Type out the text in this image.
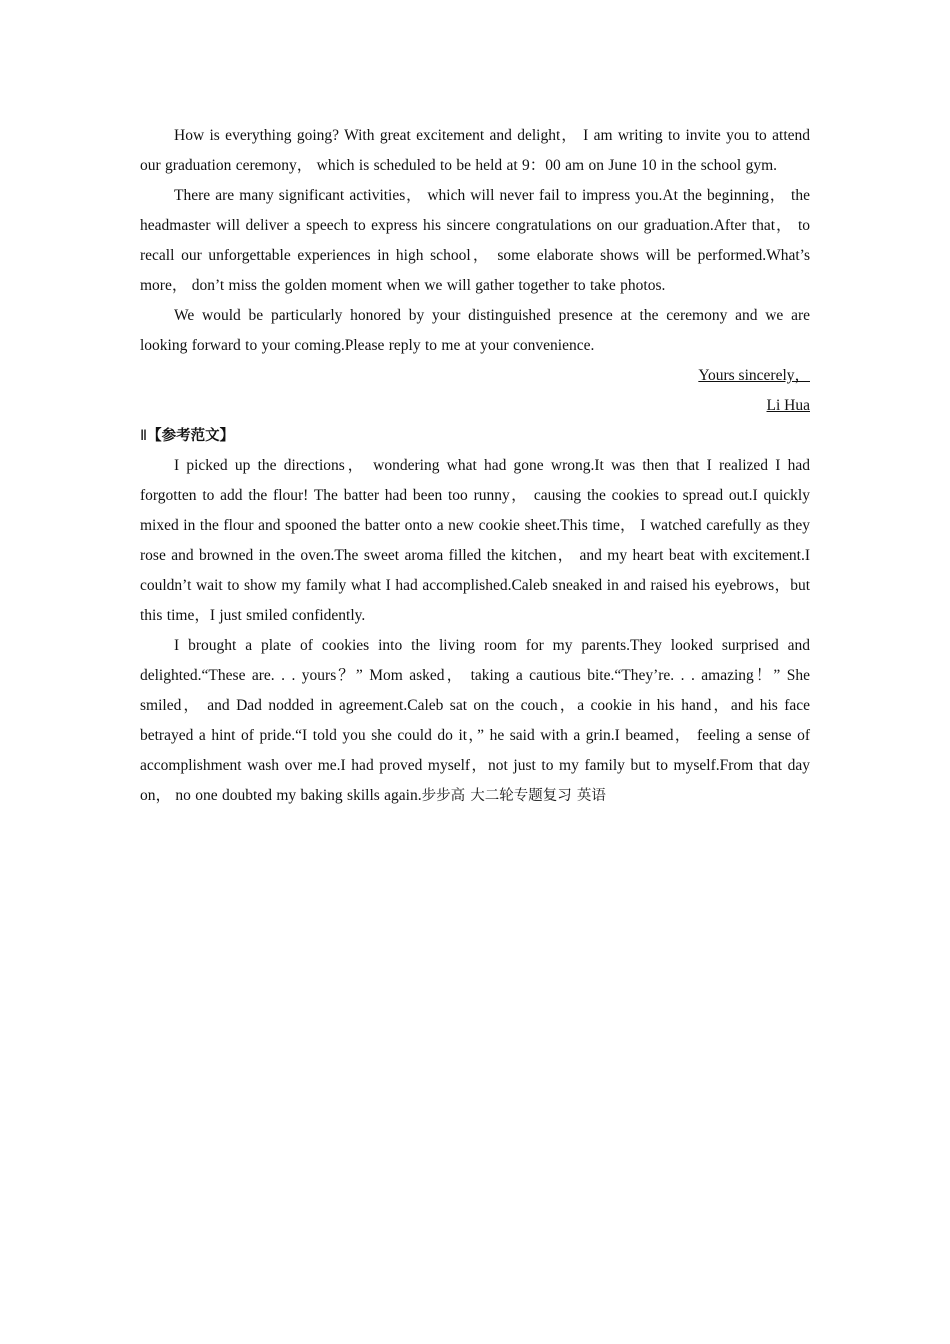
How is everything going? With great excitement and delight， I am writing to invite you to attend our graduation ceremony， which is scheduled to be held at 9：00 am on June 10 in the school gym.

There are many significant activities， which will never fail to impress you.At the beginning， the headmaster will deliver a speech to express his sincere congratulations on our graduation.After that， to recall our unforgettable experiences in high school， some elaborate shows will be performed.What’s more， don’t miss the golden moment when we will gather together to take photos.

We would be particularly honored by your distinguished presence at the ceremony and we are looking forward to your coming.Please reply to me at your convenience.

Yours sincerely，

Li Hua

Ⅱ【参考范文】

I picked up the directions， wondering what had gone wrong.It was then that I realized I had forgotten to add the flour! The batter had been too runny， causing the cookies to spread out.I quickly mixed in the flour and spooned the batter onto a new cookie sheet.This time， I watched carefully as they rose and browned in the oven.The sweet aroma filled the kitchen， and my heart beat with excitement.I couldn’t wait to show my family what I had accomplished.Caleb sneaked in and raised his eyebrows，but this time，I just smiled confidently.

I brought a plate of cookies into the living room for my parents.They looked surprised and delighted.“These are. . . yours？” Mom asked， taking a cautious bite.“They’re. . . amazing！” She smiled， and Dad nodded in agreement.Caleb sat on the couch，a cookie in his hand，and his face betrayed a hint of pride.“I told you she could do it，” he said with a grin.I beamed， feeling a sense of accomplishment wash over me.I had proved myself，not just to my family but to myself.From that day on， no one doubted my baking skills again.步步高 大二轮专题复习 英语
